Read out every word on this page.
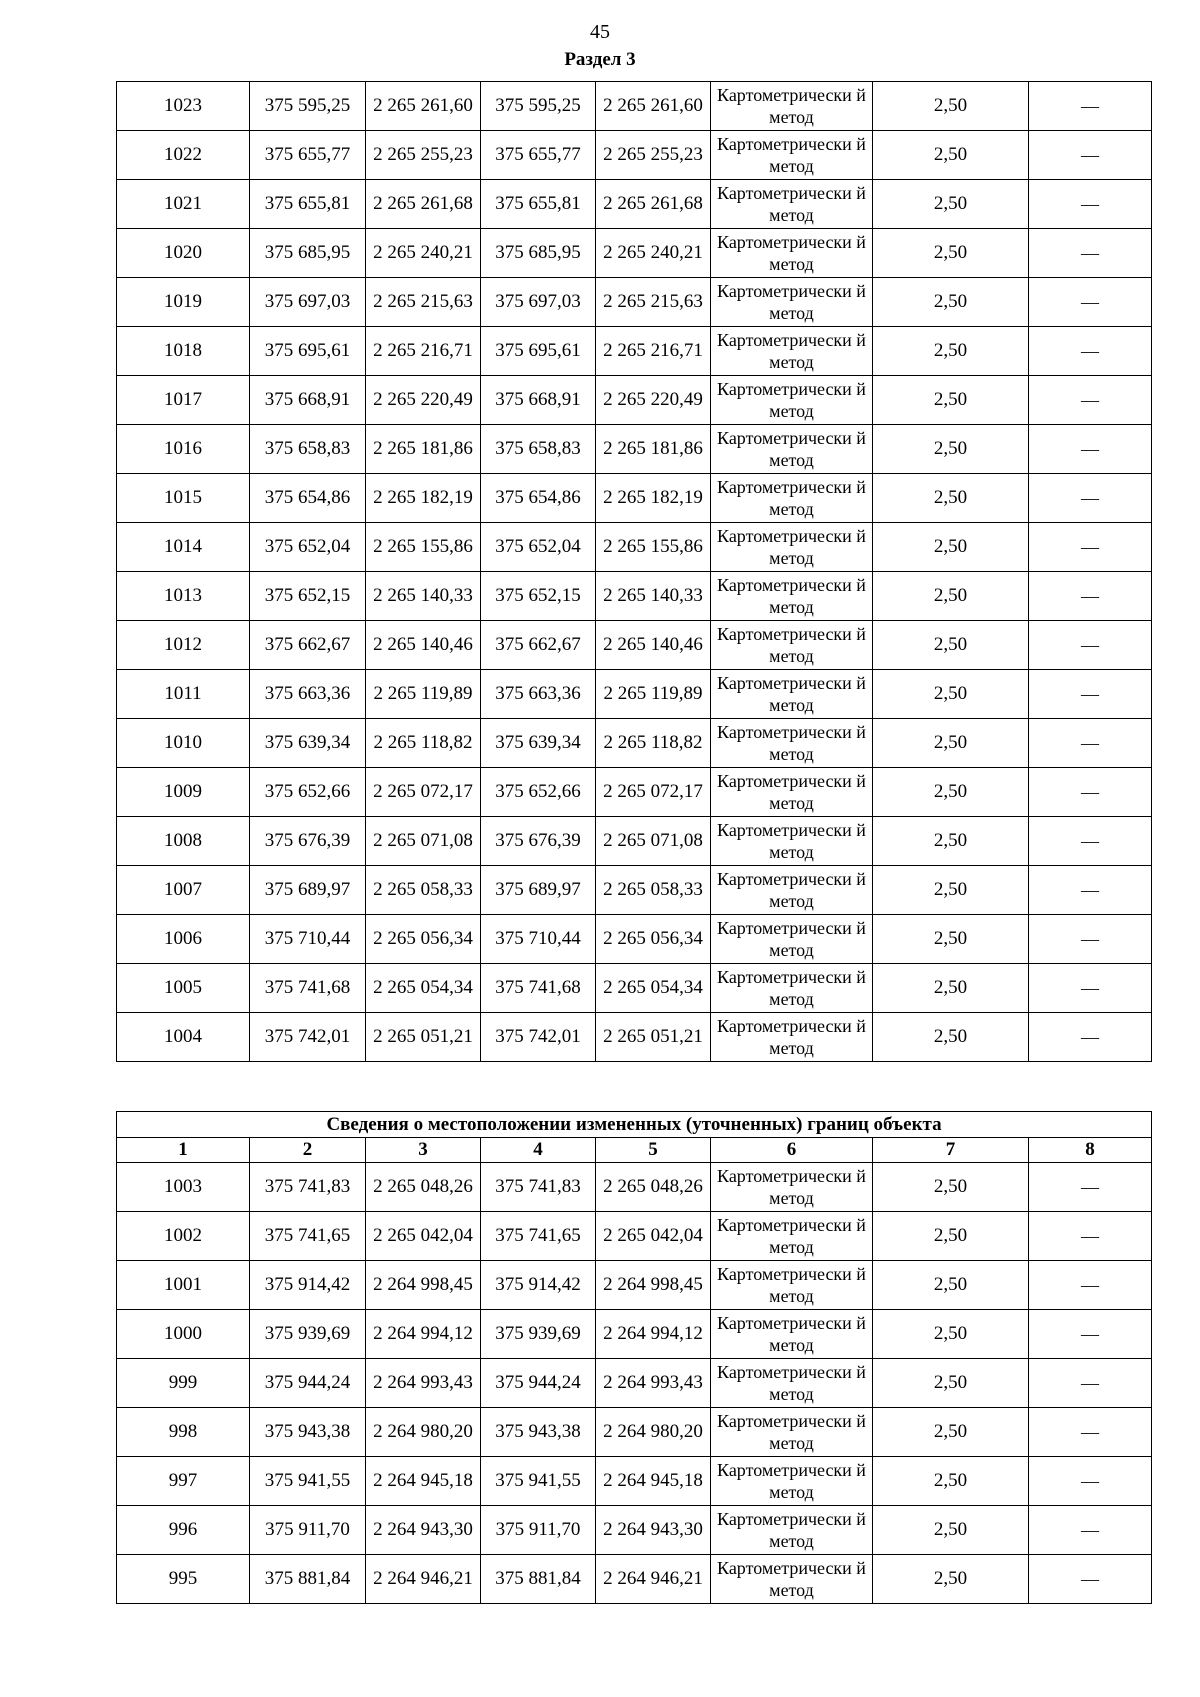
45
Раздел 3
1023	375 595,25	2 265 261,60	375 595,25	2 265 261,60	Картометрически й метод	2,50	—
1022	375 655,77	2 265 255,23	375 655,77	2 265 255,23	Картометрически й метод	2,50	—
1021	375 655,81	2 265 261,68	375 655,81	2 265 261,68	Картометрически й метод	2,50	—
1020	375 685,95	2 265 240,21	375 685,95	2 265 240,21	Картометрически й метод	2,50	—
1019	375 697,03	2 265 215,63	375 697,03	2 265 215,63	Картометрически й метод	2,50	—
1018	375 695,61	2 265 216,71	375 695,61	2 265 216,71	Картометрически й метод	2,50	—
1017	375 668,91	2 265 220,49	375 668,91	2 265 220,49	Картометрически й метод	2,50	—
1016	375 658,83	2 265 181,86	375 658,83	2 265 181,86	Картометрически й метод	2,50	—
1015	375 654,86	2 265 182,19	375 654,86	2 265 182,19	Картометрически й метод	2,50	—
1014	375 652,04	2 265 155,86	375 652,04	2 265 155,86	Картометрически й метод	2,50	—
1013	375 652,15	2 265 140,33	375 652,15	2 265 140,33	Картометрически й метод	2,50	—
1012	375 662,67	2 265 140,46	375 662,67	2 265 140,46	Картометрически й метод	2,50	—
1011	375 663,36	2 265 119,89	375 663,36	2 265 119,89	Картометрически й метод	2,50	—
1010	375 639,34	2 265 118,82	375 639,34	2 265 118,82	Картометрически й метод	2,50	—
1009	375 652,66	2 265 072,17	375 652,66	2 265 072,17	Картометрически й метод	2,50	—
1008	375 676,39	2 265 071,08	375 676,39	2 265 071,08	Картометрически й метод	2,50	—
1007	375 689,97	2 265 058,33	375 689,97	2 265 058,33	Картометрически й метод	2,50	—
1006	375 710,44	2 265 056,34	375 710,44	2 265 056,34	Картометрически й метод	2,50	—
1005	375 741,68	2 265 054,34	375 741,68	2 265 054,34	Картометрически й метод	2,50	—
1004	375 742,01	2 265 051,21	375 742,01	2 265 051,21	Картометрически й метод	2,50	—
Сведения о местоположении измененных (уточненных) границ объекта							
1	2	3	4	5	6	7	8
1003	375 741,83	2 265 048,26	375 741,83	2 265 048,26	Картометрически й метод	2,50	—
1002	375 741,65	2 265 042,04	375 741,65	2 265 042,04	Картометрически й метод	2,50	—
1001	375 914,42	2 264 998,45	375 914,42	2 264 998,45	Картометрически й метод	2,50	—
1000	375 939,69	2 264 994,12	375 939,69	2 264 994,12	Картометрически й метод	2,50	—
999	375 944,24	2 264 993,43	375 944,24	2 264 993,43	Картометрически й метод	2,50	—
998	375 943,38	2 264 980,20	375 943,38	2 264 980,20	Картометрически й метод	2,50	—
997	375 941,55	2 264 945,18	375 941,55	2 264 945,18	Картометрически й метод	2,50	—
996	375 911,70	2 264 943,30	375 911,70	2 264 943,30	Картометрически й метод	2,50	—
995	375 881,84	2 264 946,21	375 881,84	2 264 946,21	Картометрически й метод	2,50	—
